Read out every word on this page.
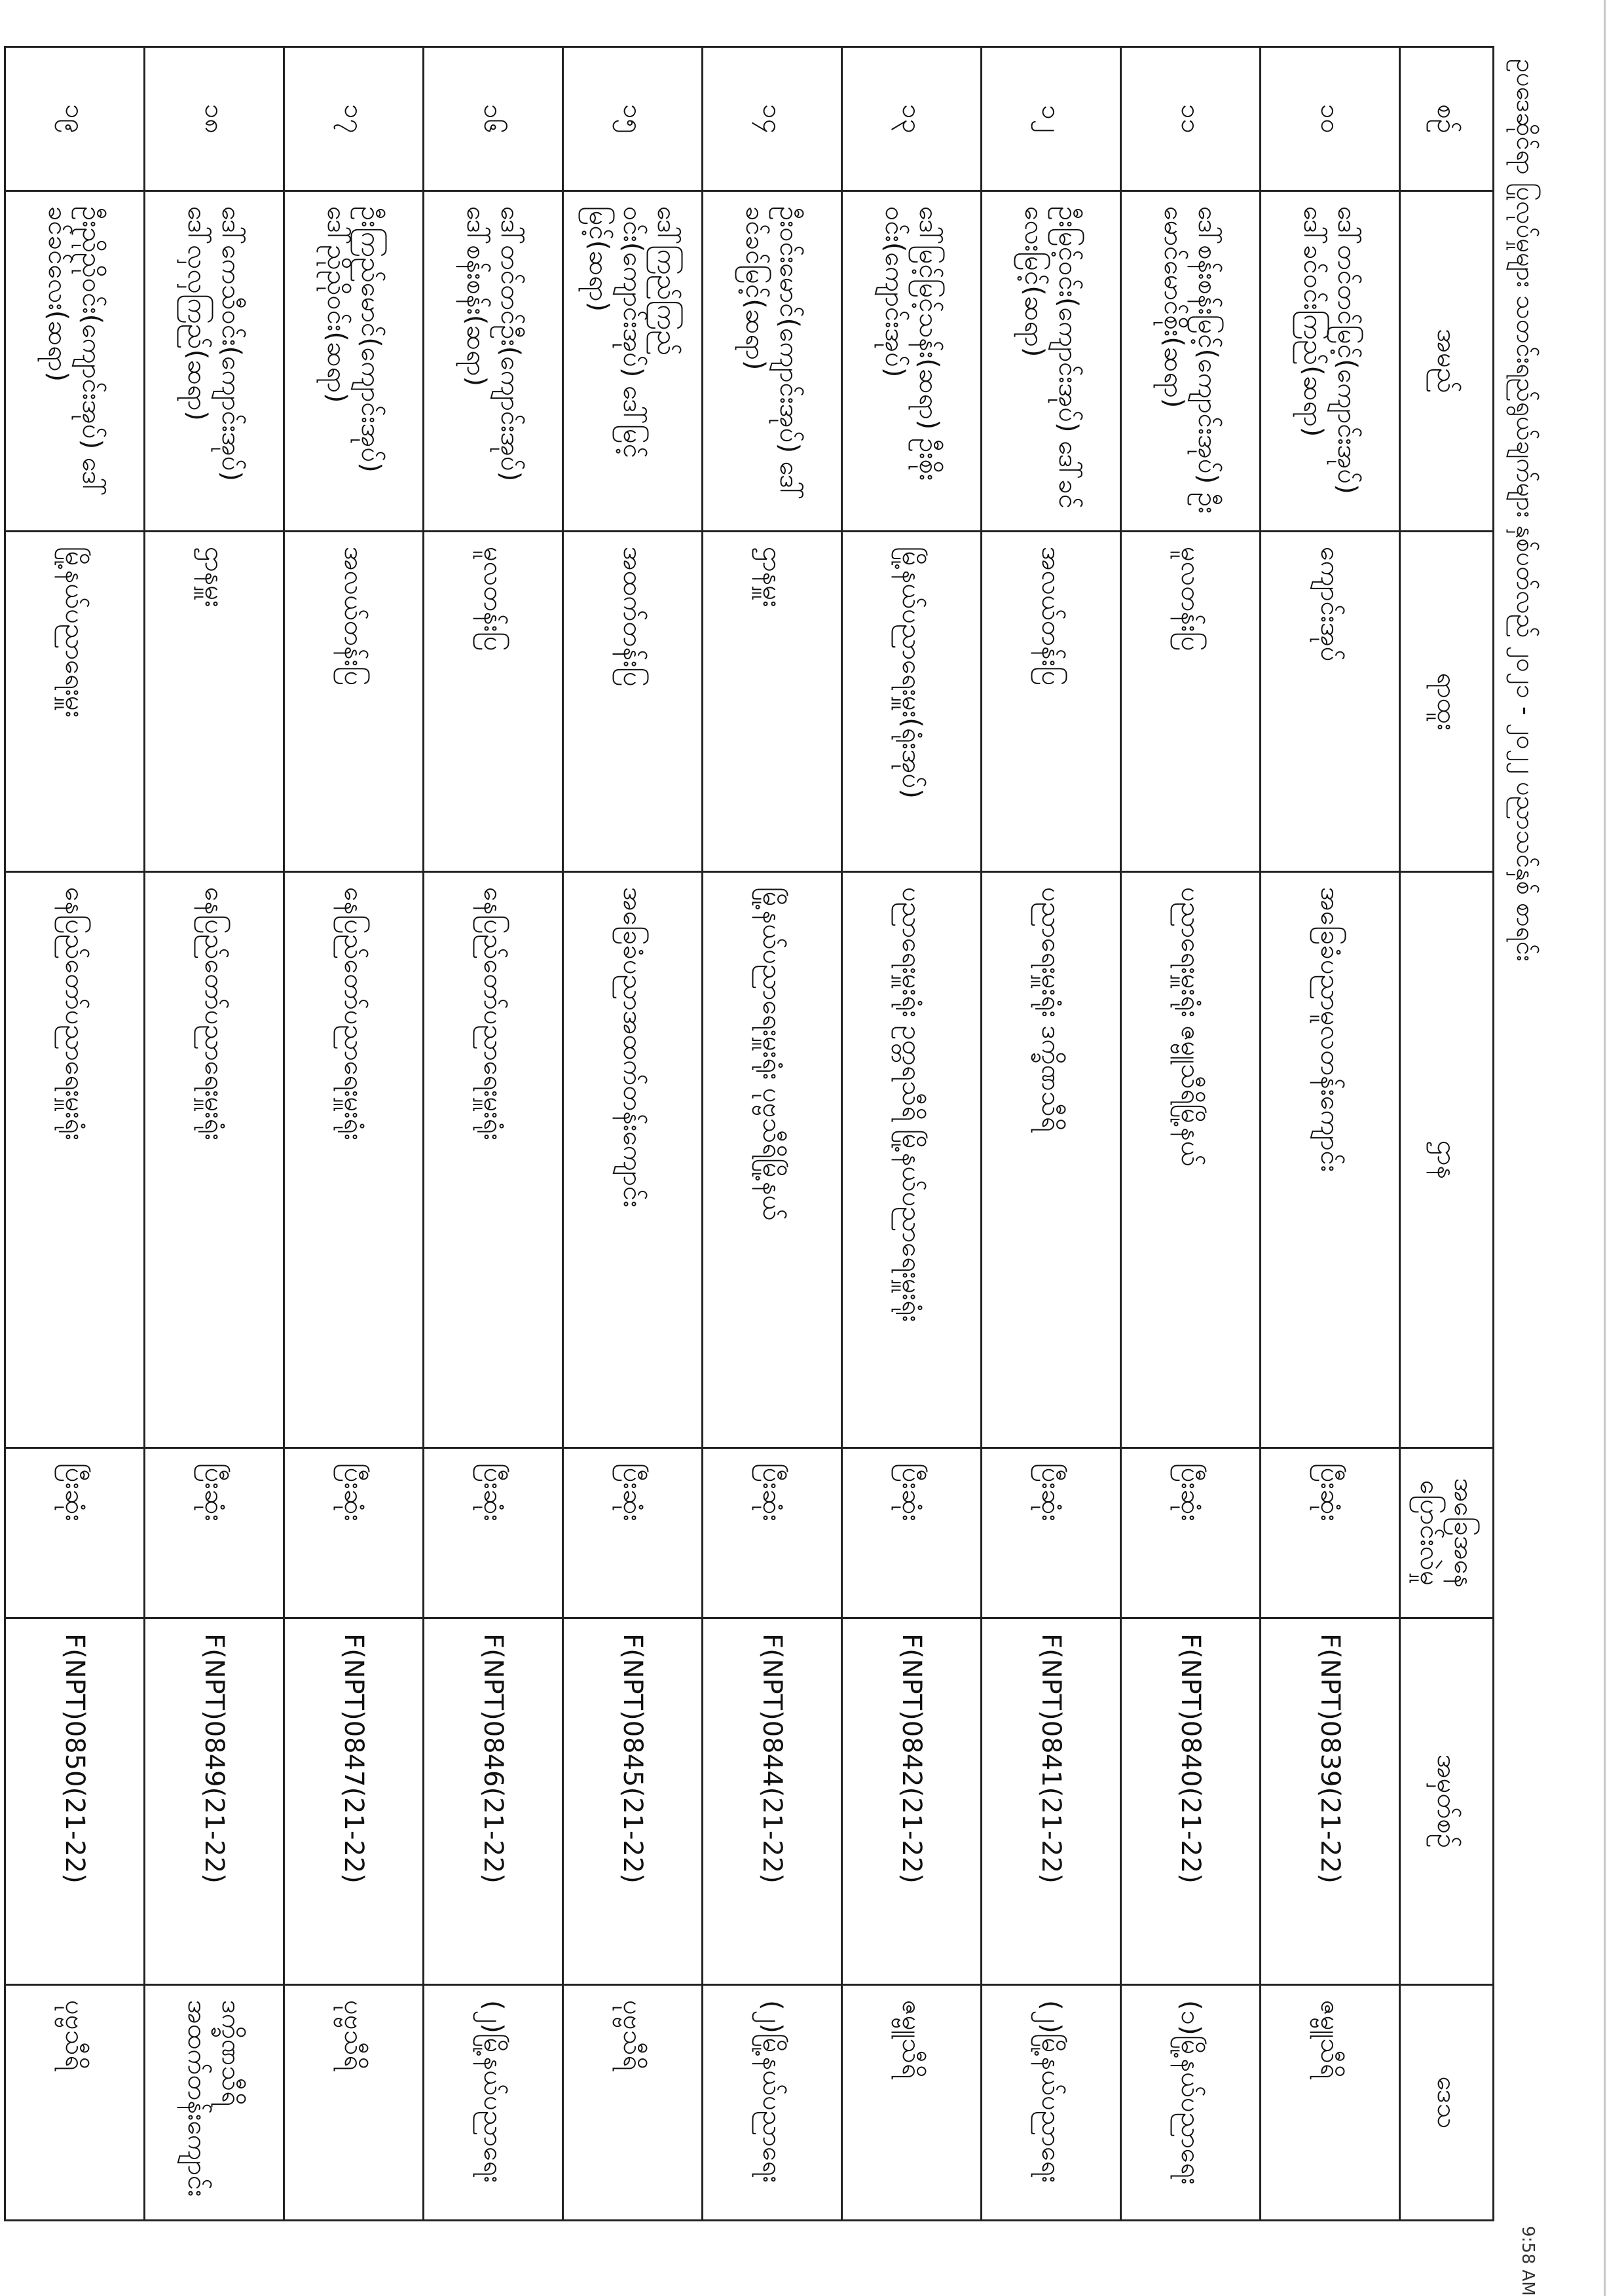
ဥပဒေဆိုင်ရာ ပြုလုပ်မှုများ သတင်းရည်ရွယ်ချက်များ နှစ်ပတ်လည် ၂၀၂၁ - ၂၀၂၂ ပညာသင်နှစ် စာရင်း
စဉ်	အမည်	ရာထူး	ဌာန	အခြေအနေ ပြောင်းလဲမှု	အမှတ်စဉ်	ဒေသ
၁၀	ဒေါ်တင်တင်မြင့်(ကျောင်းအုပ်) ဒေါ်ခင်ဝင်းကြည်(ဆရာ)	ကျောင်းအုပ်	အခြေခံပညာမူလတန်းကျောင်း	ပြီးဆုံး	F(NPT)0839(21-22)	ဇမ္ဗူသီရိ
၁၁	ဒေါ်စန်းစန်းမြင့်(ကျောင်းအုပ်) ဦးမောင်မောင်စိုး(ဆရာ)	မူလတန်းပြ	ပညာရေးမှူးရုံး ဇမ္ဗူသီရိမြို့နယ်	ပြီးဆုံး	F(NPT)0840(21-22)	(၁)မြို့နယ်ပညာရေး
၁၂	ဦးမြင့်ဝင်း(ကျောင်းအုပ်) ဒေါ်ခင်လေးမြင့်(ဆရာ)	အလယ်တန်းပြ	ပညာရေးမှူးရုံး ဒက္ခိဏသီရိ	ပြီးဆုံး	F(NPT)0841(21-22)	(၂)မြို့နယ်ပညာရေး
၁၃	ဒေါ်မြင့်မြင့်သန်း(ဆရာ) ဦးစိုးဝင်း(ကျောင်းအုပ်)	မြို့နယ်ပညာရေးမှူး(ရုံးအုပ်)	ပညာရေးမှူးရုံး ဥတ္တရသီရိ မြို့နယ်ပညာရေးမှူးရုံး	ပြီးဆုံး	F(NPT)0842(21-22)	ဇမ္ဗူသီရိ
၁၄	ဦးဝင်းမောင်(ကျောင်းအုပ်) ဒေါ်ခင်ခင်မြင့်(ဆရာ)	ဌာနမှူး	မြို့နယ်ပညာရေးမှူးရုံး ပုဗ္ဗသီရိမြို့နယ်	ပြီးဆုံး	F(NPT)0844(21-22)	(၂)မြို့နယ်ပညာရေး
၁၅	ဒေါ်ကြည်ကြည်ဝင်း(ကျောင်းအုပ်) ဒေါ်မြင့်မြင့်(ဆရာ)	အထက်တန်းပြ	အခြေခံပညာအထက်တန်းကျောင်း	ပြီးဆုံး	F(NPT)0845(21-22)	ပုဗ္ဗသီရိ
၁၆	ဒေါ်တင်တင်ဦး(ကျောင်းအုပ်) ဒေါ်စန်းစန်း(ဆရာ)	မူလတန်းပြ	နေပြည်တော်ပညာရေးမှူးရုံး	ပြီးဆုံး	F(NPT)0846(21-22)	(၂)မြို့နယ်ပညာရေး
၁၇	ဦးကြည်မောင်(ကျောင်းအုပ်) ဒေါ်ညိုညိုဝင်း(ဆရာ)	အလယ်တန်းပြ	နေပြည်တော်ပညာရေးမှူးရုံး	ပြီးဆုံး	F(NPT)0847(21-22)	ပုဗ္ဗသီရိ
၁၈	ဒေါ်ကေသီဝင်း(ကျောင်းအုပ်) ဒေါ်လှလှကြည်(ဆရာ)	ဌာနမှူး	နေပြည်တော်ပညာရေးမှူးရုံး	ပြီးဆုံး	F(NPT)0849(21-22)	ဒက္ခိဏသီရိ အထက်တန်းကျောင်း
၁၉	ဦးညိုညိုဝင်း(ကျောင်းအုပ်) ဒေါ်ခင်ခင်လေး(ဆရာ)	မြို့နယ်ပညာရေးမှူး	နေပြည်တော်ပညာရေးမှူးရုံး	ပြီးဆုံး	F(NPT)0850(21-22)	ပုဗ္ဗသီရိ
9:58 AM
